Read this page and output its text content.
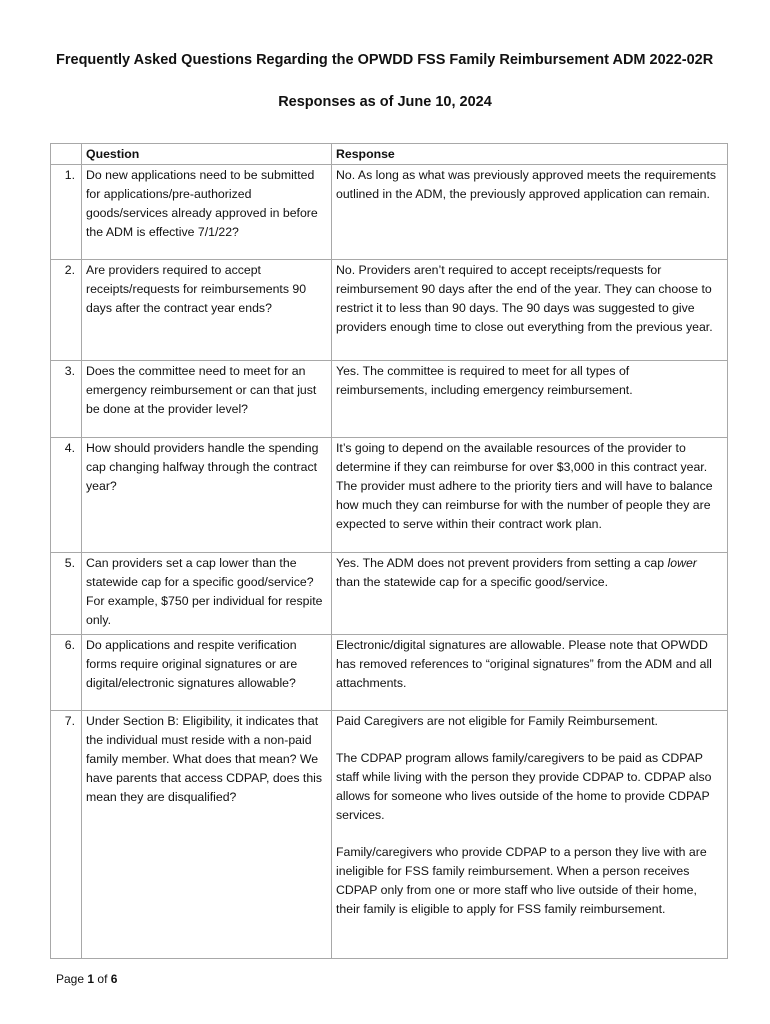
Frequently Asked Questions Regarding the OPWDD FSS Family Reimbursement ADM 2022-02R
Responses as of June 10, 2024
	Question	Response
1.	Do new applications need to be submitted for applications/pre-authorized goods/services already approved in before the ADM is effective 7/1/22?	No. As long as what was previously approved meets the requirements outlined in the ADM, the previously approved application can remain.
2.	Are providers required to accept receipts/requests for reimbursements 90 days after the contract year ends?	No. Providers aren’t required to accept receipts/requests for reimbursement 90 days after the end of the year. They can choose to restrict it to less than 90 days. The 90 days was suggested to give providers enough time to close out everything from the previous year.
3.	Does the committee need to meet for an emergency reimbursement or can that just be done at the provider level?	Yes. The committee is required to meet for all types of reimbursements, including emergency reimbursement.
4.	How should providers handle the spending cap changing halfway through the contract year?	It’s going to depend on the available resources of the provider to determine if they can reimburse for over $3,000 in this contract year. The provider must adhere to the priority tiers and will have to balance how much they can reimburse for with the number of people they are expected to serve within their contract work plan.
5.	Can providers set a cap lower than the statewide cap for a specific good/service? For example, $750 per individual for respite only.	Yes. The ADM does not prevent providers from setting a cap lower than the statewide cap for a specific good/service.
6.	Do applications and respite verification forms require original signatures or are digital/electronic signatures allowable?	Electronic/digital signatures are allowable. Please note that OPWDD has removed references to “original signatures” from the ADM and all attachments.
7.	Under Section B: Eligibility, it indicates that the individual must reside with a non-paid family member. What does that mean? We have parents that access CDPAP, does this mean they are disqualified?	Paid Caregivers are not eligible for Family Reimbursement.

The CDPAP program allows family/caregivers to be paid as CDPAP staff while living with the person they provide CDPAP to. CDPAP also allows for someone who lives outside of the home to provide CDPAP services.

Family/caregivers who provide CDPAP to a person they live with are ineligible for FSS family reimbursement. When a person receives CDPAP only from one or more staff who live outside of their home, their family is eligible to apply for FSS family reimbursement.

Page 1 of 6
